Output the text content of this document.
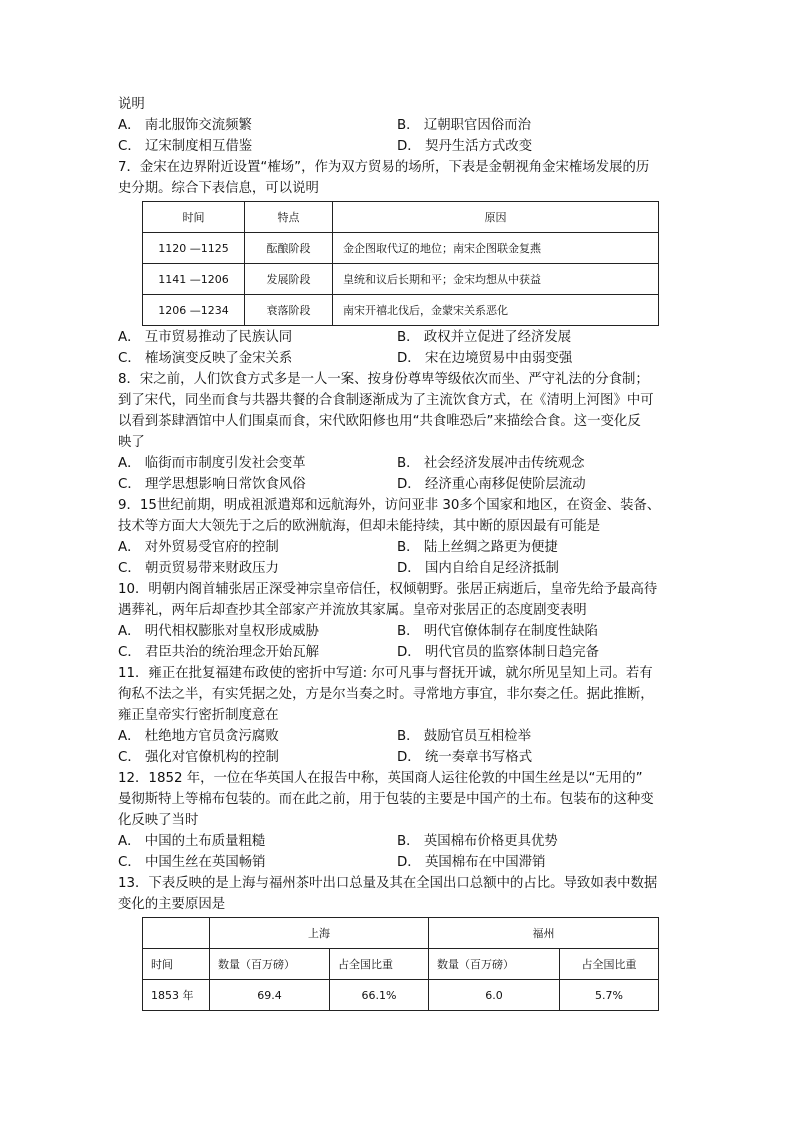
说明
A． 南北服饰交流频繁	B． 辽朝职官因俗而治
C． 辽宋制度相互借鉴	D． 契丹生活方式改变
7．金宋在边界附近设置“榷场”，作为双方贸易的场所，下表是金朝视角金宋榷场发展的历
史分期。综合下表信息，可以说明
时间	特点	原因
1120 —1125	酝酿阶段	金企图取代辽的地位；南宋企图联金复燕
1141 —1206	发展阶段	皇统和议后长期和平；金宋均想从中获益
1206 —1234	衰落阶段	南宋开禧北伐后，金蒙宋关系恶化
A． 互市贸易推动了民族认同	B． 政权并立促进了经济发展
C． 榷场演变反映了金宋关系	D． 宋在边境贸易中由弱变强
8．宋之前，人们饮食方式多是一人一案、按身份尊卑等级依次而坐、严守礼法的分食制；
到了宋代，同坐而食与共器共餐的合食制逐渐成为了主流饮食方式，在《清明上河图》中可
以看到茶肆酒馆中人们围桌而食，宋代欧阳修也用“共食唯恐后”来描绘合食。这一变化反
映了
A． 临街而市制度引发社会变革	B． 社会经济发展冲击传统观念
C． 理学思想影响日常饮食风俗	D． 经济重心南移促使阶层流动
9．15世纪前期，明成祖派遣郑和远航海外，访问亚非 30多个国家和地区，在资金、装备、
技术等方面大大领先于之后的欧洲航海，但却未能持续，其中断的原因最有可能是
A． 对外贸易受官府的控制	B． 陆上丝绸之路更为便捷
C． 朝贡贸易带来财政压力	D． 国内自给自足经济抵制
10．明朝内阁首辅张居正深受神宗皇帝信任，权倾朝野。张居正病逝后，皇帝先给予最高待
遇葬礼，两年后却查抄其全部家产并流放其家属。皇帝对张居正的态度剧变表明
A． 明代相权膨胀对皇权形成威胁	B． 明代官僚体制存在制度性缺陷
C． 君臣共治的统治理念开始瓦解	D． 明代官员的监察体制日趋完备
11．雍正在批复福建布政使的密折中写道: 尔可凡事与督抚开诚，就尔所见呈知上司。若有
徇私不法之半，有实凭据之处，方是尔当奏之时。寻常地方事宜，非尔奏之任。据此推断，
雍正皇帝实行密折制度意在
A． 杜绝地方官员贪污腐败	B． 鼓励官员互相检举
C． 强化对官僚机构的控制	D． 统一奏章书写格式
12．1852 年，一位在华英国人在报告中称，英国商人运往伦敦的中国生丝是以“无用的”
曼彻斯特上等棉布包装的。而在此之前，用于包装的主要是中国产的土布。包装布的这种变
化反映了当时
A． 中国的土布质量粗糙	B． 英国棉布价格更具优势
C． 中国生丝在英国畅销	D． 英国棉布在中国滞销
13．下表反映的是上海与福州茶叶出口总量及其在全国出口总额中的占比。导致如表中数据
变化的主要原因是
	上海		福州	
时间	数量（百万磅）	占全国比重	数量（百万磅）	占全国比重
1853 年	69.4	66.1%	6.0	5.7%
